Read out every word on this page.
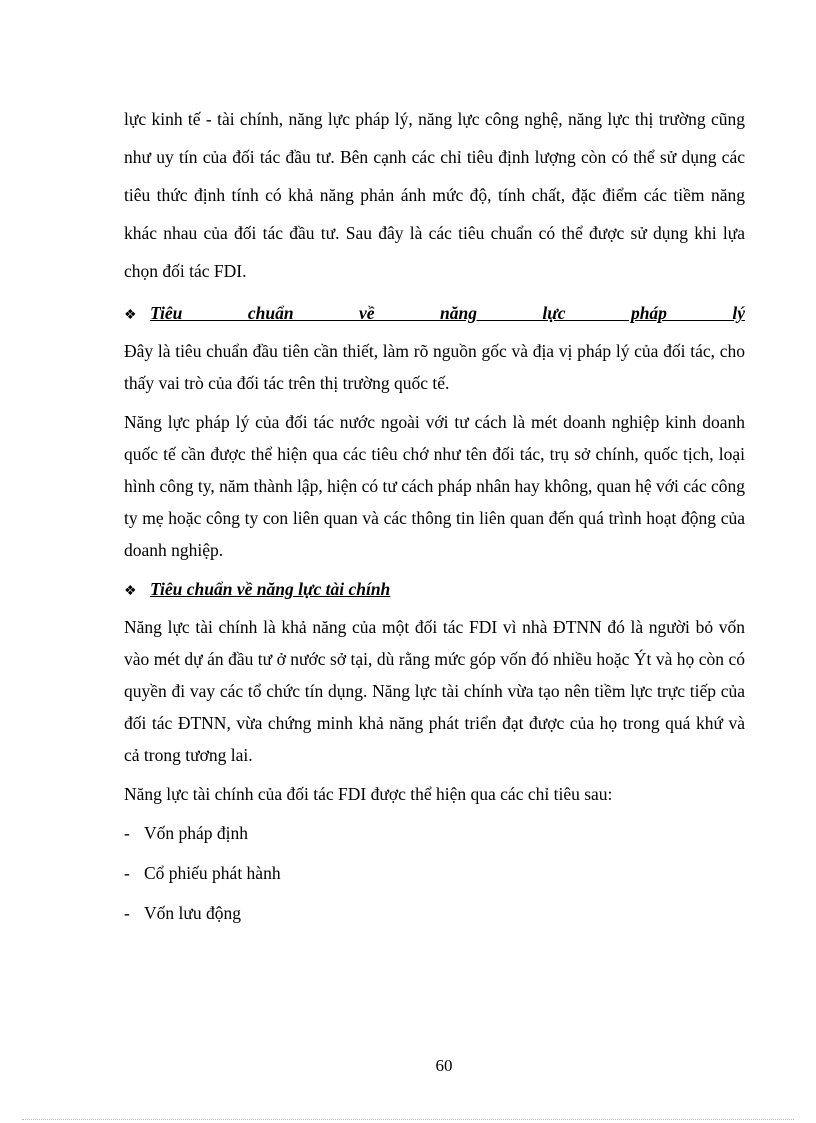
lực kinh tế - tài chính, năng lực pháp lý, năng lực công nghệ, năng lực thị trường cũng như uy tín của đối tác đầu tư. Bên cạnh các chỉ tiêu định lượng còn có thể sử dụng các tiêu thức định tính có khả năng phản ánh mức độ, tính chất, đặc điểm các tiềm năng khác nhau của đối tác đầu tư. Sau đây là các tiêu chuẩn có thể được sử dụng khi lựa chọn đối tác FDI.

❖ Tiêu chuẩn về năng lực pháp lý

Đây là tiêu chuẩn đầu tiên cần thiết, làm rõ nguồn gốc và địa vị pháp lý của đối tác, cho thấy vai trò của đối tác trên thị trường quốc tế.

Năng lực pháp lý của đối tác nước ngoài với tư cách là mét doanh nghiệp kinh doanh quốc tế cần được thể hiện qua các tiêu chớ như tên đối tác, trụ sở chính, quốc tịch, loại hình công ty, năm thành lập, hiện có tư cách pháp nhân hay không, quan hệ với các công ty mẹ hoặc công ty con liên quan và các thông tin liên quan đến quá trình hoạt động của doanh nghiệp.

❖ Tiêu chuẩn về năng lực tài chính

Năng lực tài chính là khả năng của một đối tác FDI vì nhà ĐTNN đó là người bỏ vốn vào mét dự án đầu tư ở nước sở tại, dù rằng mức góp vốn đó nhiều hoặc Ýt và họ còn có quyền đi vay các tổ chức tín dụng. Năng lực tài chính vừa tạo nên tiềm lực trực tiếp của đối tác ĐTNN, vừa chứng minh khả năng phát triển đạt được của họ trong quá khứ và cả trong tương lai.

Năng lực tài chính của đối tác FDI được thể hiện qua các chỉ tiêu sau:

- Vốn pháp định
- Cổ phiếu phát hành
- Vốn lưu động
60
